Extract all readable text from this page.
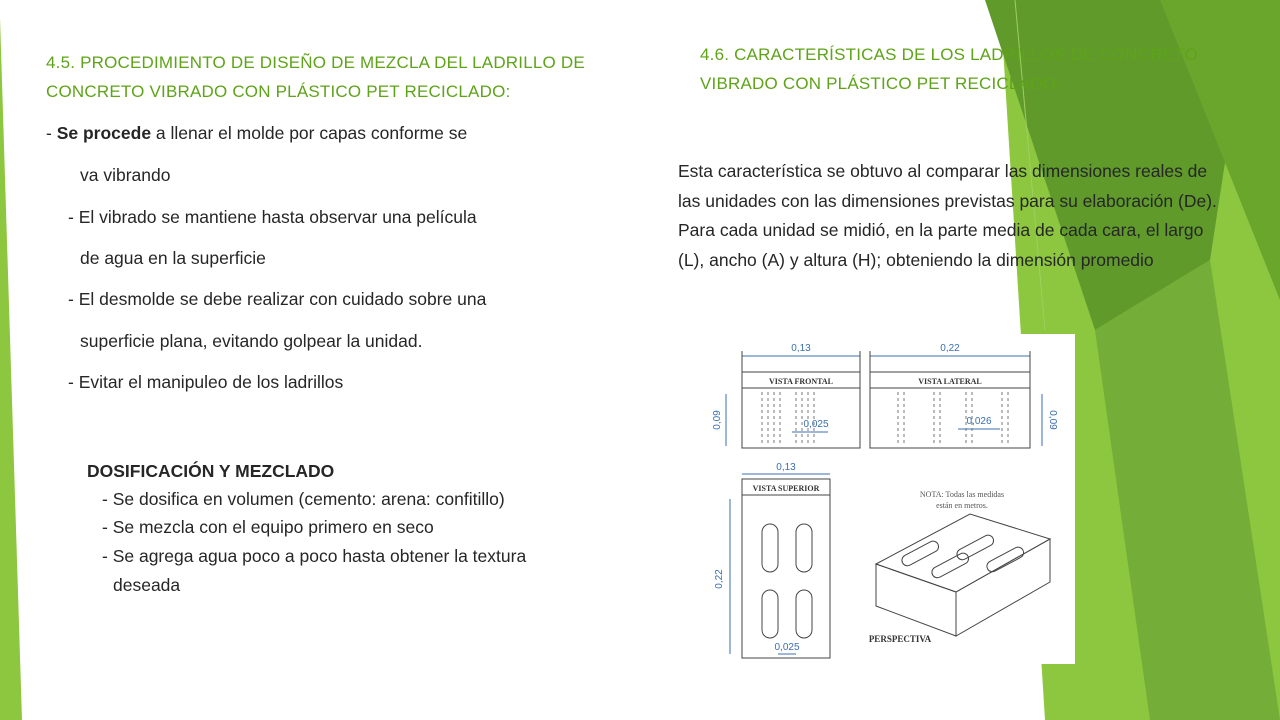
4.5. PROCEDIMIENTO DE DISEÑO DE MEZCLA DEL LADRILLO DE CONCRETO VIBRADO CON PLÁSTICO PET RECICLADO:
- Se procede a llenar el molde por capas conforme se
va vibrando
- El vibrado se mantiene hasta observar una película
de agua en la superficie
- El desmolde se debe realizar con cuidado sobre una
superficie plana, evitando golpear la unidad.
- Evitar el manipuleo de los ladrillos
DOSIFICACIÓN Y MEZCLADO
- Se dosifica en volumen (cemento: arena: confitillo)
- Se mezcla con el equipo primero en seco
- Se agrega agua poco a poco hasta obtener la textura
deseada
4.6. CARACTERÍSTICAS DE LOS LADRILLOS DE CONCRETO VIBRADO CON PLÁSTICO PET RECICLADO:

Esta característica se obtuvo al comparar las dimensiones reales de las unidades con las dimensiones previstas para su elaboración (De). Para cada unidad se midió, en la parte media de cada cara, el largo (L), ancho (A) y altura (H); obteniendo la dimensión promedio

0,13
VISTA FRONTAL
0,22
VISTA LATERAL
0,09	0,09
0,025	0,026
0,13
VISTA SUPERIOR
0,22
0,025
NOTA: Todas las medidas
están en metros.
PERSPECTIVA
